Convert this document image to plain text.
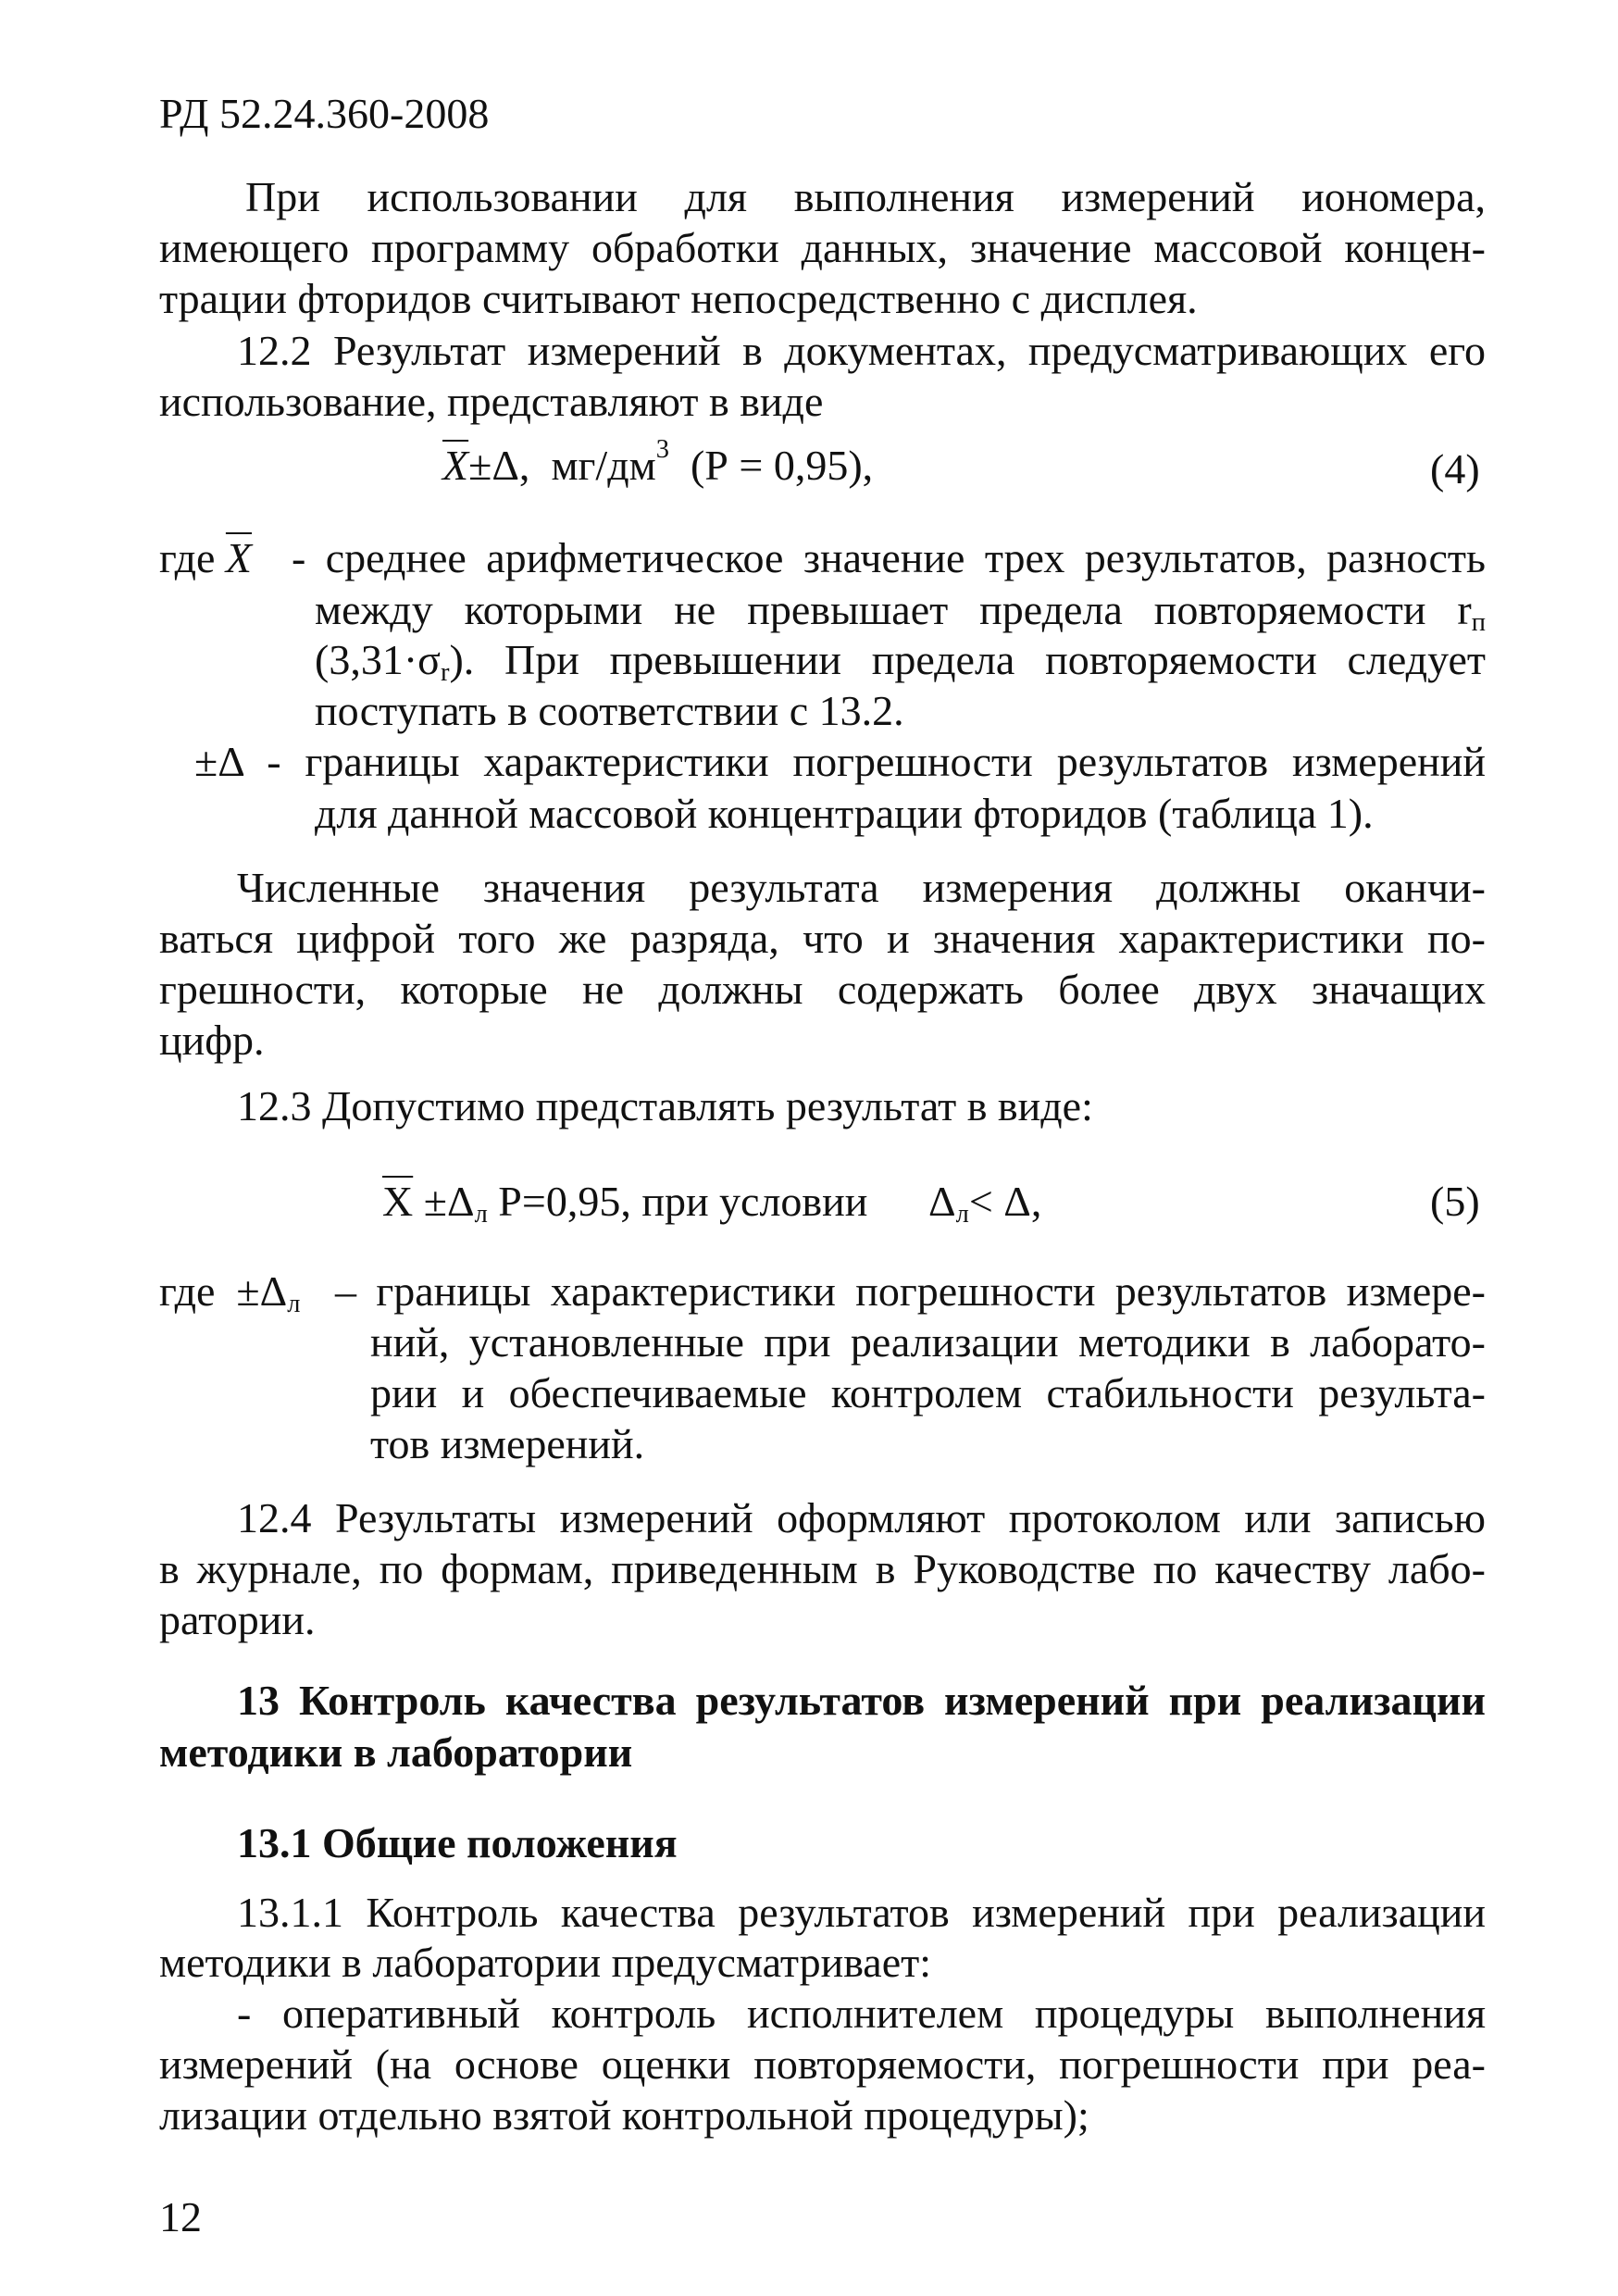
РД 52.24.360-2008
При использовании для выполнения измерений иономера,
имеющего программу обработки данных, значение массовой концен-
трации фторидов считывают непосредственно с дисплея.
12.2 Результат измерений в документах, предусматривающих его
использование, представляют в виде
$\overline{X}\pm\Delta$, $мг/дм^3$ (Р = 0,95),	(4)
где $\overline{X}$ - среднее арифметическое значение трех результатов, разность
между которыми не превышает предела повторяемости $r_п$
$(3,31\cdot\sigma_r)$. При превышении предела повторяемости следует
поступать в соответствии с 13.2.
±Δ - границы характеристики погрешности результатов измерений
для данной массовой концентрации фторидов (таблица 1).
Численные значения результата измерения должны оканчи-
ваться цифрой того же разряда, что и значения характеристики по-
грешности, которые не должны содержать более двух значащих
цифр.
12.3 Допустимо представлять результат в виде:
$\overline{X} \pm\Delta_л$ Р=0,95, при условии $\Delta_л< \Delta$,	(5)
где $\pm\Delta_л$ – границы характеристики погрешности результатов измере-
ний, установленные при реализации методики в лаборато-
рии и обеспечиваемые контролем стабильности результа-
тов измерений.
12.4 Результаты измерений оформляют протоколом или записью
в журнале, по формам, приведенным в Руководстве по качеству лабо-
ратории.
13 Контроль качества результатов измерений при реализации
методики в лаборатории
13.1 Общие положения
13.1.1 Контроль качества результатов измерений при реализации
методики в лаборатории предусматривает:
- оперативный контроль исполнителем процедуры выполнения
измерений (на основе оценки повторяемости, погрешности при реа-
лизации отдельно взятой контрольной процедуры);
12
